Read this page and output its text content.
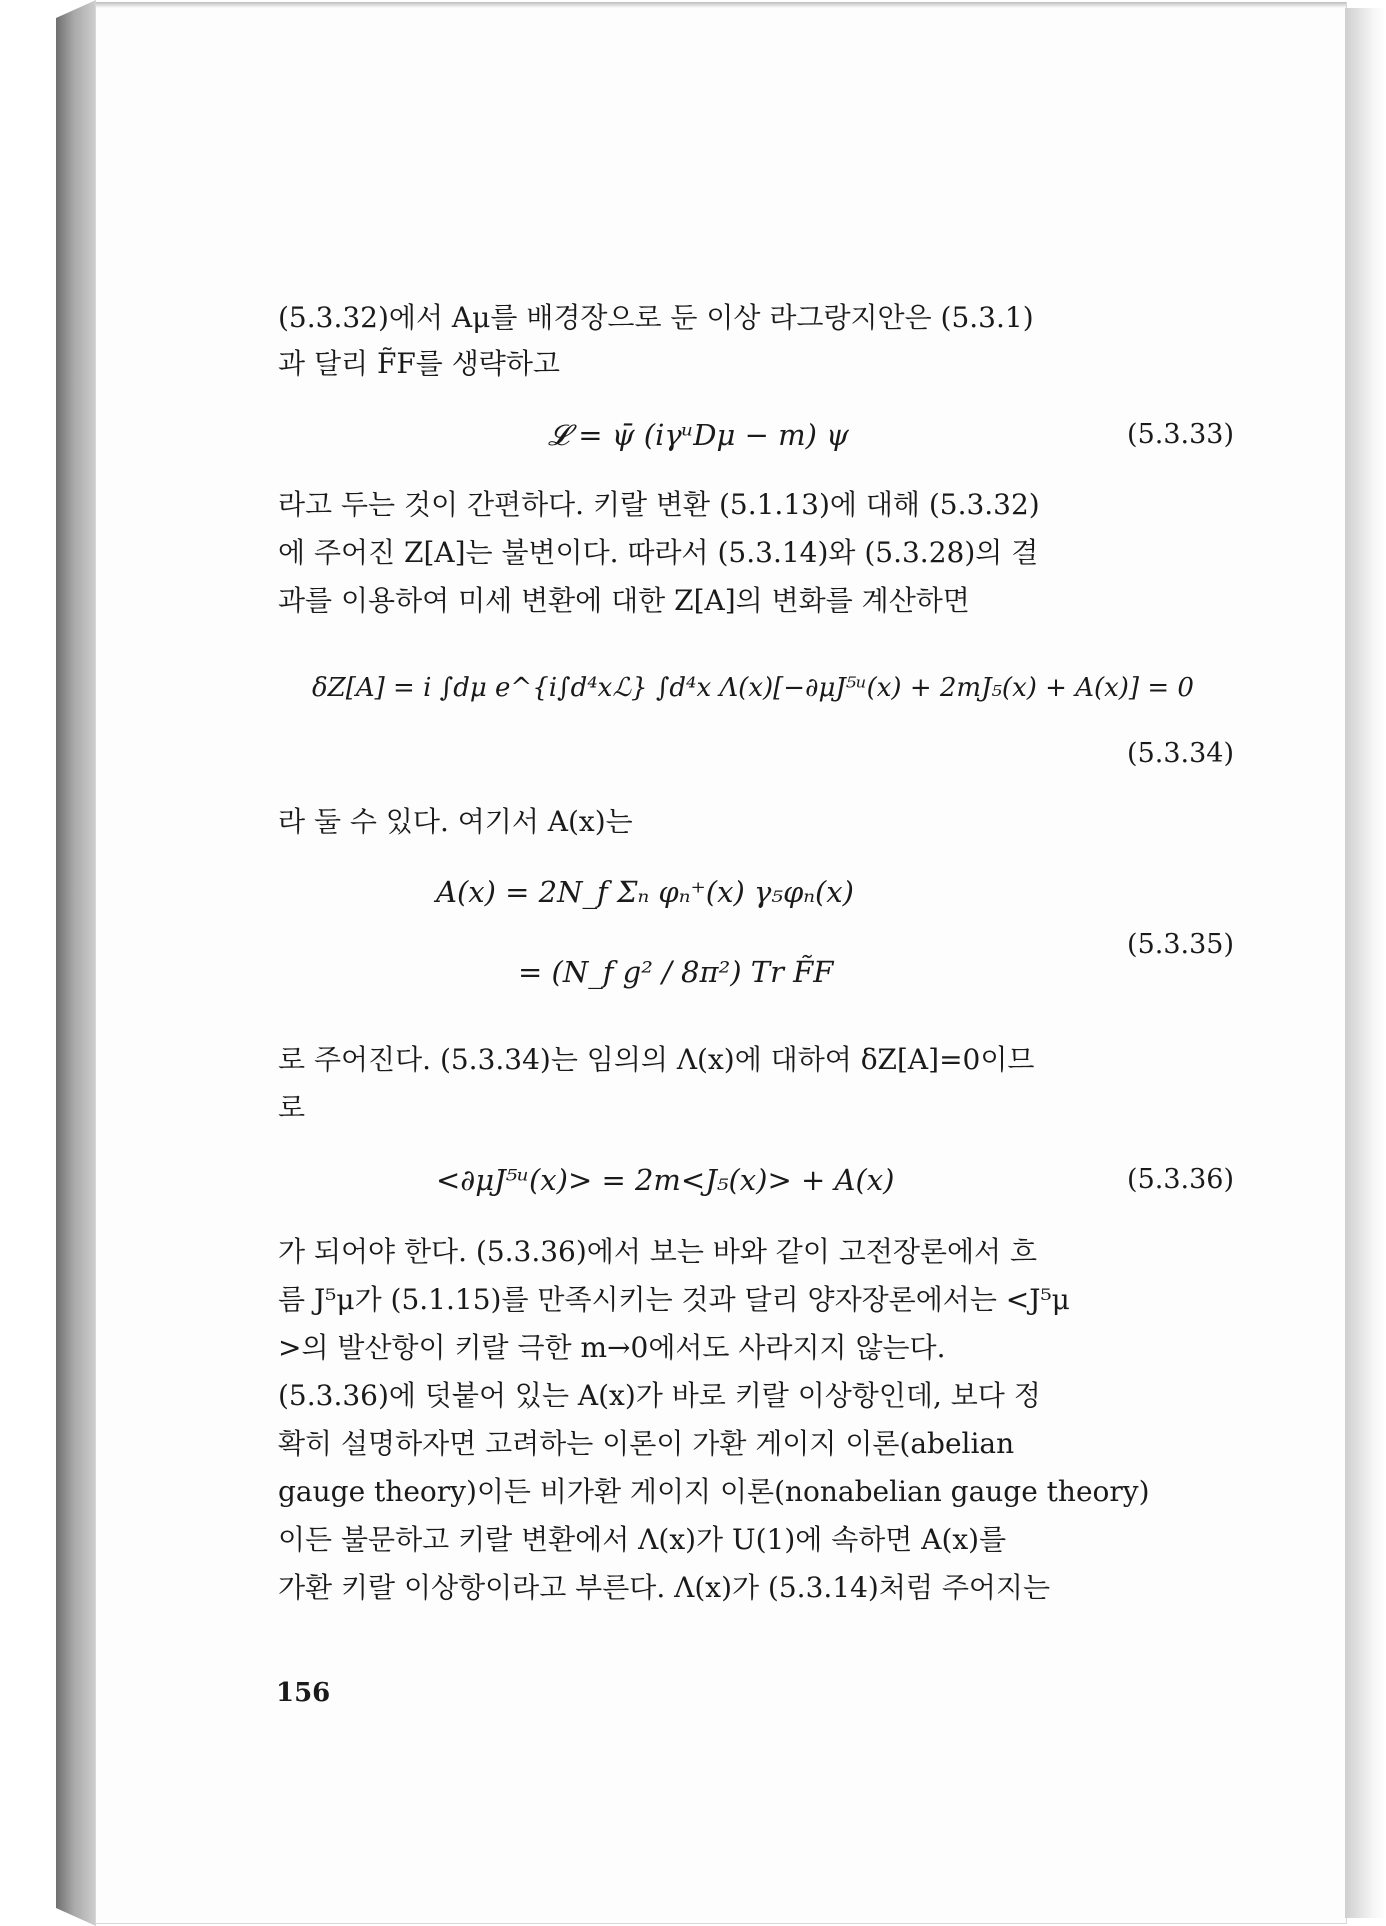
(5.3.32)에서 Aμ를 배경장으로 둔 이상 라그랑지안은 (5.3.1)
과 달리 F̃F를 생략하고
𝓛 = ψ̄ (iγᵘDμ − m) ψ	(5.3.33)
라고 두는 것이 간편하다. 키랄 변환 (5.1.13)에 대해 (5.3.32)
에 주어진 Z[A]는 불변이다. 따라서 (5.3.14)와 (5.3.28)의 결
과를 이용하여 미세 변환에 대한 Z[A]의 변화를 계산하면
δZ[A] = i ∫dμ e^{i∫d⁴xℒ} ∫d⁴x Λ(x)[−∂μJ⁵ᵘ(x) + 2mJ₅(x) + A(x)] = 0
(5.3.34)
라 둘 수 있다. 여기서 A(x)는
A(x) = 2N_f Σₙ φₙ⁺(x) γ₅φₙ(x)
= (N_f g² / 8π²) Tr F̃F
(5.3.35)
로 주어진다. (5.3.34)는 임의의 Λ(x)에 대하여 δZ[A]=0이므
로
<∂μJ⁵ᵘ(x)> = 2m<J₅(x)> + A(x)	(5.3.36)
가 되어야 한다. (5.3.36)에서 보는 바와 같이 고전장론에서 흐
름 J⁵μ가 (5.1.15)를 만족시키는 것과 달리 양자장론에서는 <J⁵μ
>의 발산항이 키랄 극한 m→0에서도 사라지지 않는다.
(5.3.36)에 덧붙어 있는 A(x)가 바로 키랄 이상항인데, 보다 정
확히 설명하자면 고려하는 이론이 가환 게이지 이론(abelian
gauge theory)이든 비가환 게이지 이론(nonabelian gauge theory)
이든 불문하고 키랄 변환에서 Λ(x)가 U(1)에 속하면 A(x)를
가환 키랄 이상항이라고 부른다. Λ(x)가 (5.3.14)처럼 주어지는
156
